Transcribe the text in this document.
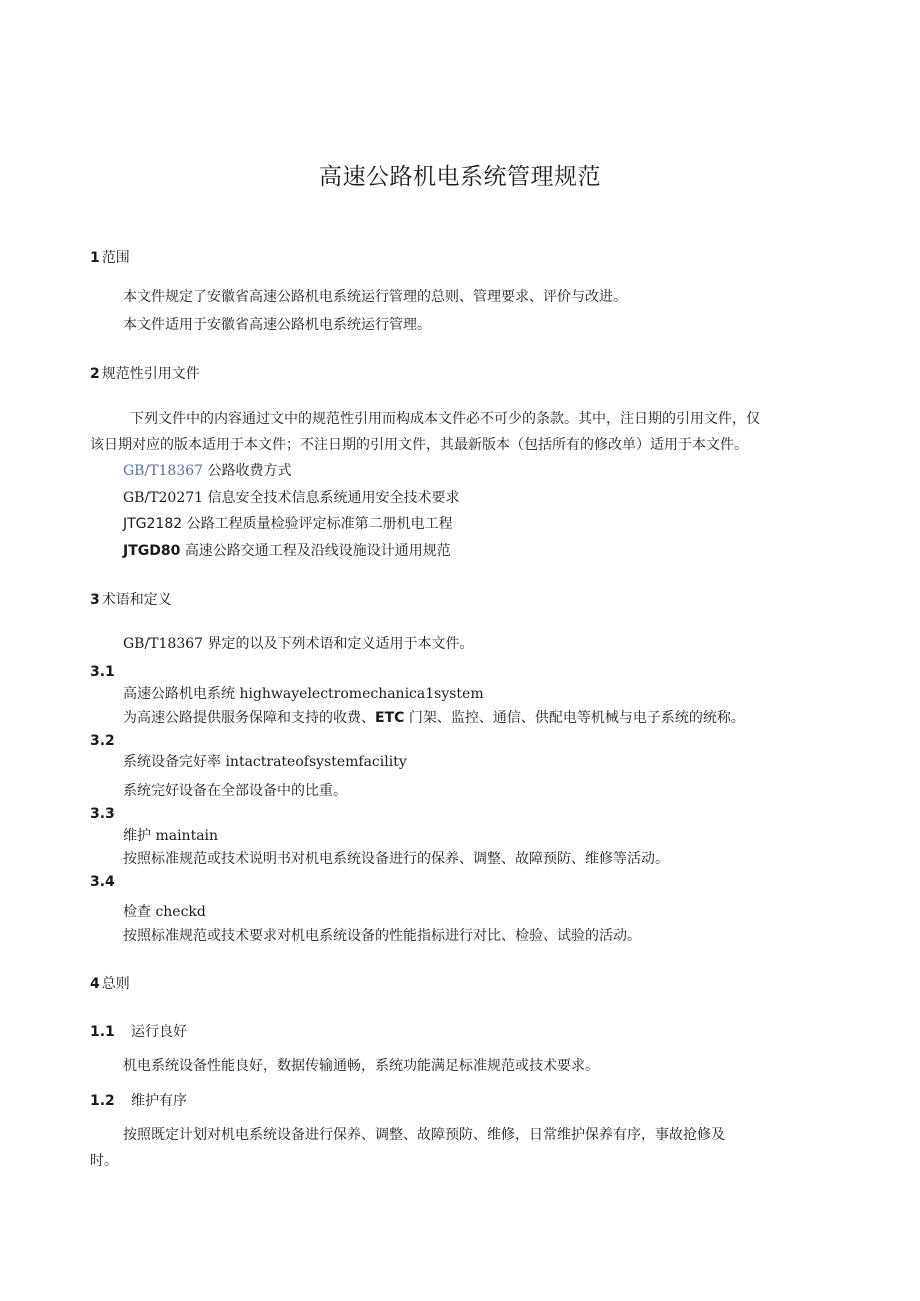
高速公路机电系统管理规范
1 范围
本文件规定了安徽省高速公路机电系统运行管理的总则、管理要求、评价与改进。
本文件适用于安徽省高速公路机电系统运行管理。
2 规范性引用文件
下列文件中的内容通过文中的规范性引用而构成本文件必不可少的条款。其中，注日期的引用文件，仅
该日期对应的版本适用于本文件；不注日期的引用文件，其最新版本（包括所有的修改单）适用于本文件。
GB/T18367 公路收费方式
GB/T20271 信息安全技术信息系统通用安全技术要求
JTG2182 公路工程质量检验评定标准第二册机电工程
JTGD80 高速公路交通工程及沿线设施设计通用规范
3 术语和定义
GB/T18367 界定的以及下列术语和定义适用于本文件。
3.1
高速公路机电系统 highwayelectromechanica1system
为高速公路提供服务保障和支持的收费、ETC 门架、监控、通信、供配电等机械与电子系统的统称。
3.2
系统设备完好率 intactrateofsystemfacility
系统完好设备在全部设备中的比重。
3.3
维护 maintain
按照标准规范或技术说明书对机电系统设备进行的保养、调整、故障预防、维修等活动。
3.4
检查 checkd
按照标准规范或技术要求对机电系统设备的性能指标进行对比、检验、试验的活动。
4 总则
1.1 运行良好
机电系统设备性能良好，数据传输通畅，系统功能满足标准规范或技术要求。
1.2 维护有序
按照既定计划对机电系统设备进行保养、调整、故障预防、维修，日常维护保养有序，事故抢修及
时。
